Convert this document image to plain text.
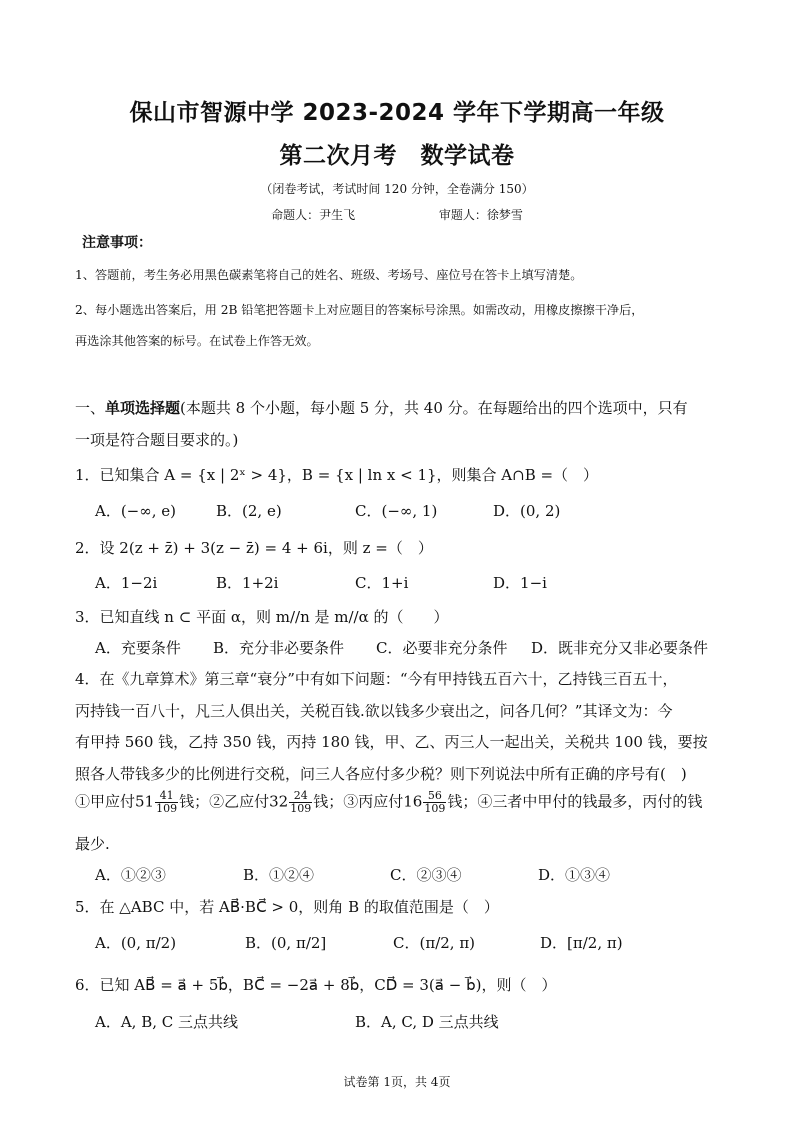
保山市智源中学 2023-2024 学年下学期高一年级
第二次月考　数学试卷
（闭卷考试，考试时间 120 分钟，全卷满分 150）
命题人：尹生飞	审题人：徐梦雪
注意事项：
1、答题前，考生务必用黑色碳素笔将自己的姓名、班级、考场号、座位号在答卡上填写清楚。
2、每小题选出答案后，用 2B 铅笔把答题卡上对应题目的答案标号涂黑。如需改动，用橡皮擦擦干净后，
再选涂其他答案的标号。在试卷上作答无效。
一、单项选择题(本题共 8 个小题，每小题 5 分，共 40 分。在每题给出的四个选项中，只有
一项是符合题目要求的。)
1．已知集合 A = {x | 2ˣ > 4}，B = {x | ln x < 1}，则集合 A∩B =（　）
A．(−∞, e)	B．(2, e)	C．(−∞, 1)	D．(0, 2)
2．设 2(z + z̄) + 3(z − z̄) = 4 + 6i，则 z =（　）
A．1−2i	B．1+2i	C．1+i	D．1−i
3．已知直线 n ⊂ 平面 α，则 m//n 是 m//α 的（　　）
A．充要条件 B．充分非必要条件 C．必要非充分条件 D．既非充分又非必要条件
4．在《九章算术》第三章“衰分”中有如下问题：“今有甲持钱五百六十，乙持钱三百五十，
丙持钱一百八十，凡三人俱出关，关税百钱.欲以钱多少衰出之，问各几何？”其译文为：今
有甲持 560 钱，乙持 350 钱，丙持 180 钱，甲、乙、丙三人一起出关，关税共 100 钱，要按
照各人带钱多少的比例进行交税，问三人各应付多少税？则下列说法中所有正确的序号有(　)
①甲应付$51 \frac{41}{109}$ 钱；②乙应付$32 \frac{24}{109}$ 钱；③丙应付$16 \frac{56}{109}$ 钱；④三者中甲付的钱最多，丙付的钱
最少.
A．①②③	B．①②④	C．②③④	D．①③④
5．在 △ABC 中，若 AB⃗·BC⃗ > 0，则角 B 的取值范围是（　）
A．(0, π/2)	B．(0, π/2]	C．(π/2, π)	D．[π/2, π)
6．已知 AB⃗ = a⃗ + 5b⃗，BC⃗ = −2a⃗ + 8b⃗，CD⃗ = 3(a⃗ − b⃗)，则（　）
A．A, B, C 三点共线	B．A, C, D 三点共线
试卷第 1页，共 4页
